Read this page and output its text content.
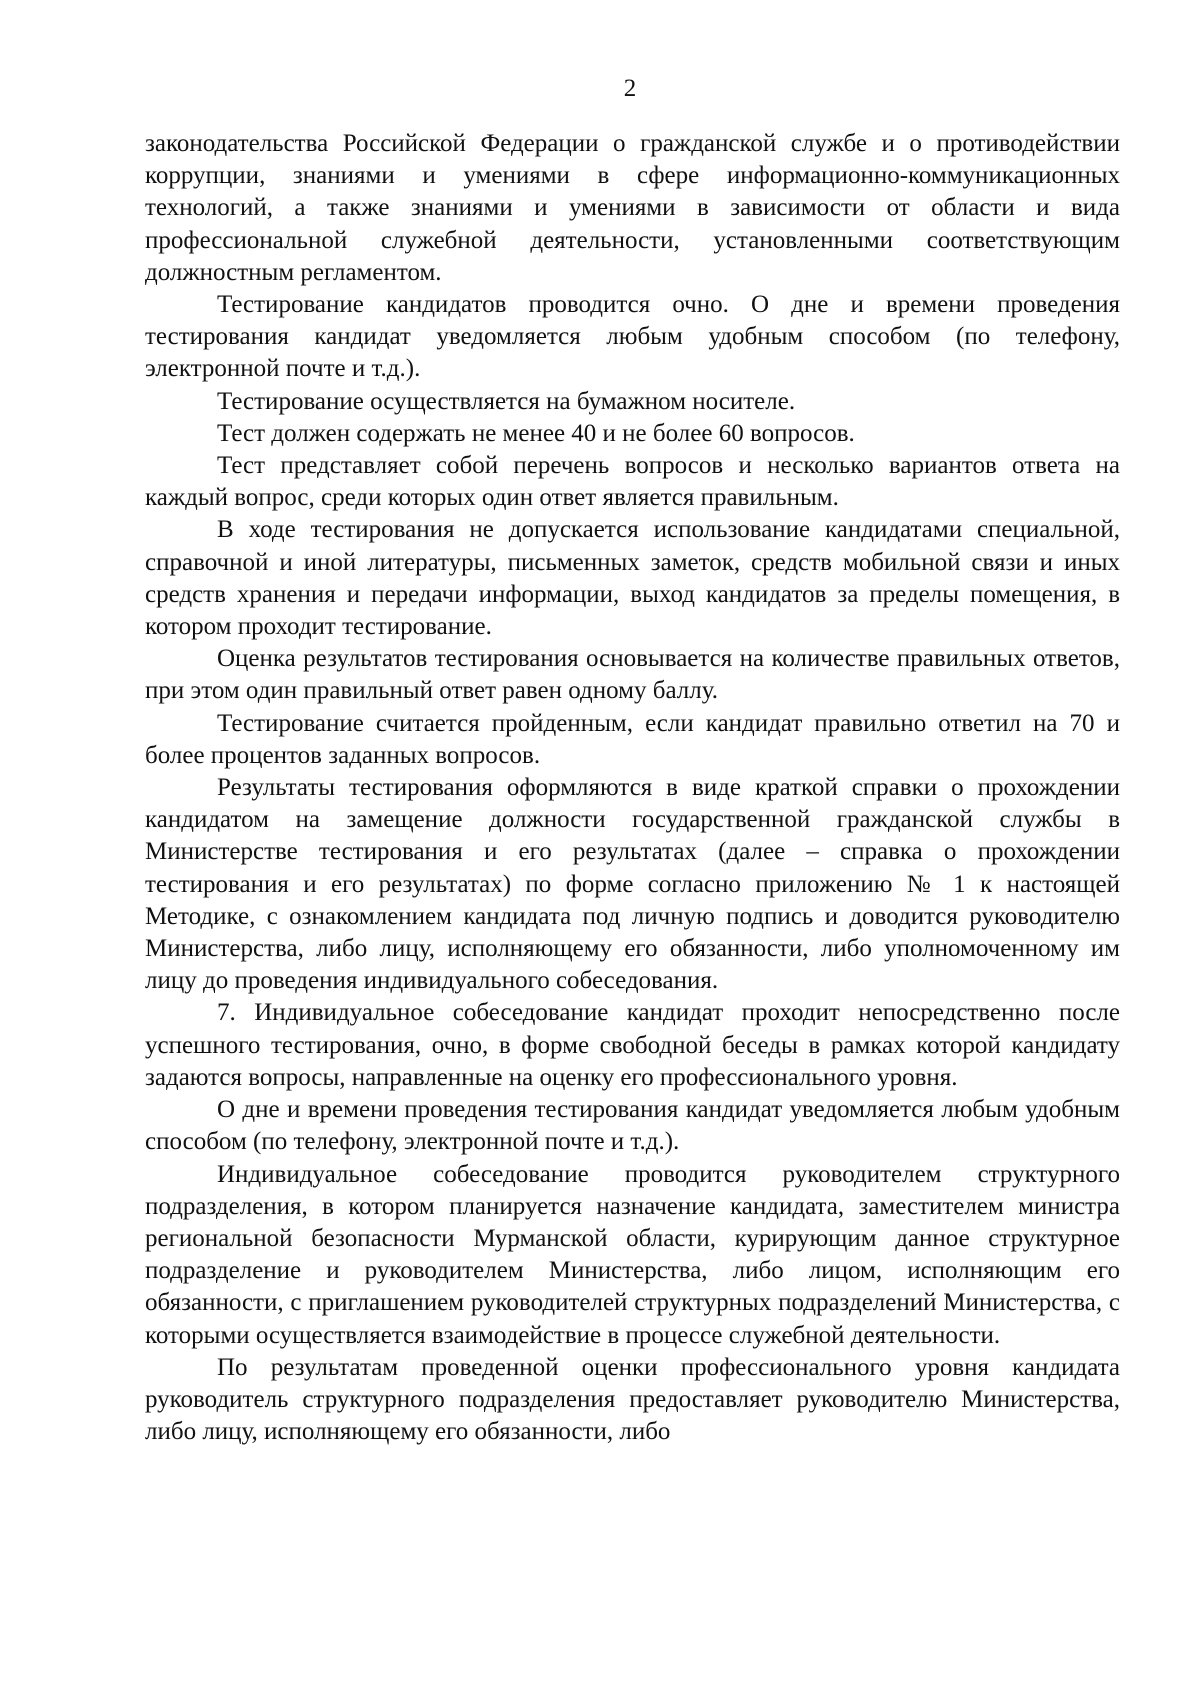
2

законодательства Российской Федерации о гражданской службе и о противодействии коррупции, знаниями и умениями в сфере информационно-коммуникационных технологий, а также знаниями и умениями в зависимости от области и вида профессиональной служебной деятельности, установленными соответствующим должностным регламентом.

Тестирование кандидатов проводится очно. О дне и времени проведения тестирования кандидат уведомляется любым удобным способом (по телефону, электронной почте и т.д.).

Тестирование осуществляется на бумажном носителе.

Тест должен содержать не менее 40 и не более 60 вопросов.

Тест представляет собой перечень вопросов и несколько вариантов ответа на каждый вопрос, среди которых один ответ является правильным.

В ходе тестирования не допускается использование кандидатами специальной, справочной и иной литературы, письменных заметок, средств мобильной связи и иных средств хранения и передачи информации, выход кандидатов за пределы помещения, в котором проходит тестирование.

Оценка результатов тестирования основывается на количестве правильных ответов, при этом один правильный ответ равен одному баллу.

Тестирование считается пройденным, если кандидат правильно ответил на 70 и более процентов заданных вопросов.

Результаты тестирования оформляются в виде краткой справки о прохождении кандидатом на замещение должности государственной гражданской службы в Министерстве тестирования и его результатах (далее – справка о прохождении тестирования и его результатах) по форме согласно приложению № 1 к настоящей Методике, с ознакомлением кандидата под личную подпись и доводится руководителю Министерства, либо лицу, исполняющему его обязанности, либо уполномоченному им лицу до проведения индивидуального собеседования.

7. Индивидуальное собеседование кандидат проходит непосредственно после успешного тестирования, очно, в форме свободной беседы в рамках которой кандидату задаются вопросы, направленные на оценку его профессионального уровня.

О дне и времени проведения тестирования кандидат уведомляется любым удобным способом (по телефону, электронной почте и т.д.).

Индивидуальное собеседование проводится руководителем структурного подразделения, в котором планируется назначение кандидата, заместителем министра региональной безопасности Мурманской области, курирующим данное структурное подразделение и руководителем Министерства, либо лицом, исполняющим его обязанности, с приглашением руководителей структурных подразделений Министерства, с которыми осуществляется взаимодействие в процессе служебной деятельности.

По результатам проведенной оценки профессионального уровня кандидата руководитель структурного подразделения предоставляет руководителю Министерства, либо лицу, исполняющему его обязанности, либо
